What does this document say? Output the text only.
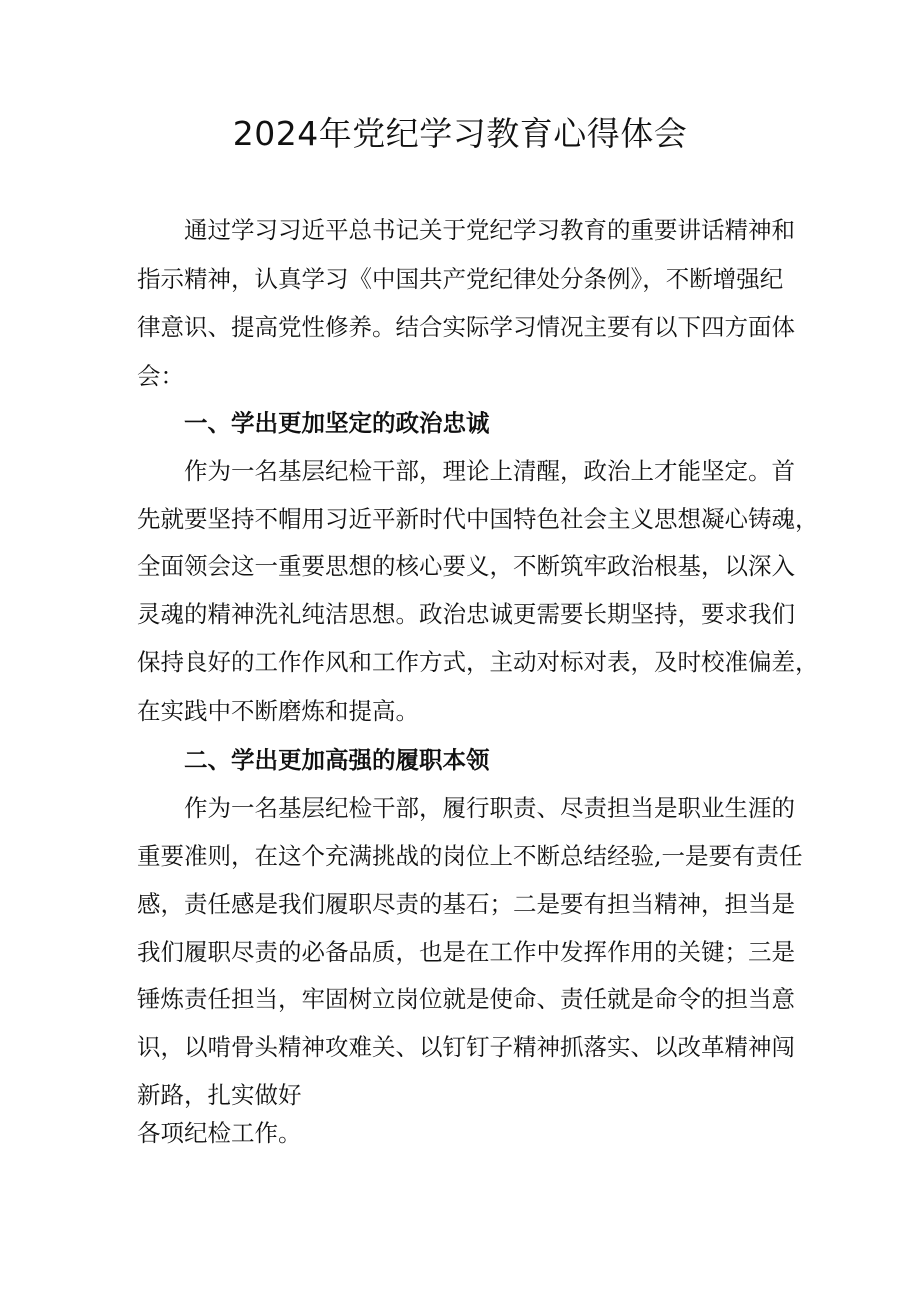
2024年党纪学习教育心得体会

通过学习习近平总书记关于党纪学习教育的重要讲话精神和

指示精神，认真学习《中国共产党纪律处分条例》，不断增强纪

律意识、提高党性修养。结合实际学习情况主要有以下四方面体

会：

一、学出更加坚定的政治忠诚

作为一名基层纪检干部，理论上清醒，政治上才能坚定。首

先就要坚持不帽用习近平新时代中国特色社会主义思想凝心铸魂，

全面领会这一重要思想的核心要义，不断筑牢政治根基，以深入

灵魂的精神洗礼纯洁思想。政治忠诚更需要长期坚持，要求我们

保持良好的工作作风和工作方式，主动对标对表，及时校准偏差，

在实践中不断磨炼和提高。

二、学出更加高强的履职本领

作为一名基层纪检干部，履行职责、尽责担当是职业生涯的

重要准则，在这个充满挑战的岗位上不断总结经验,一是要有责任

感，责任感是我们履职尽责的基石；二是要有担当精神，担当是

我们履职尽责的必备品质，也是在工作中发挥作用的关键；三是

锤炼责任担当，牢固树立岗位就是使命、责任就是命令的担当意

识，以啃骨头精神攻难关、以钉钉子精神抓落实、以改革精神闯

新路，扎实做好

各项纪检工作。
